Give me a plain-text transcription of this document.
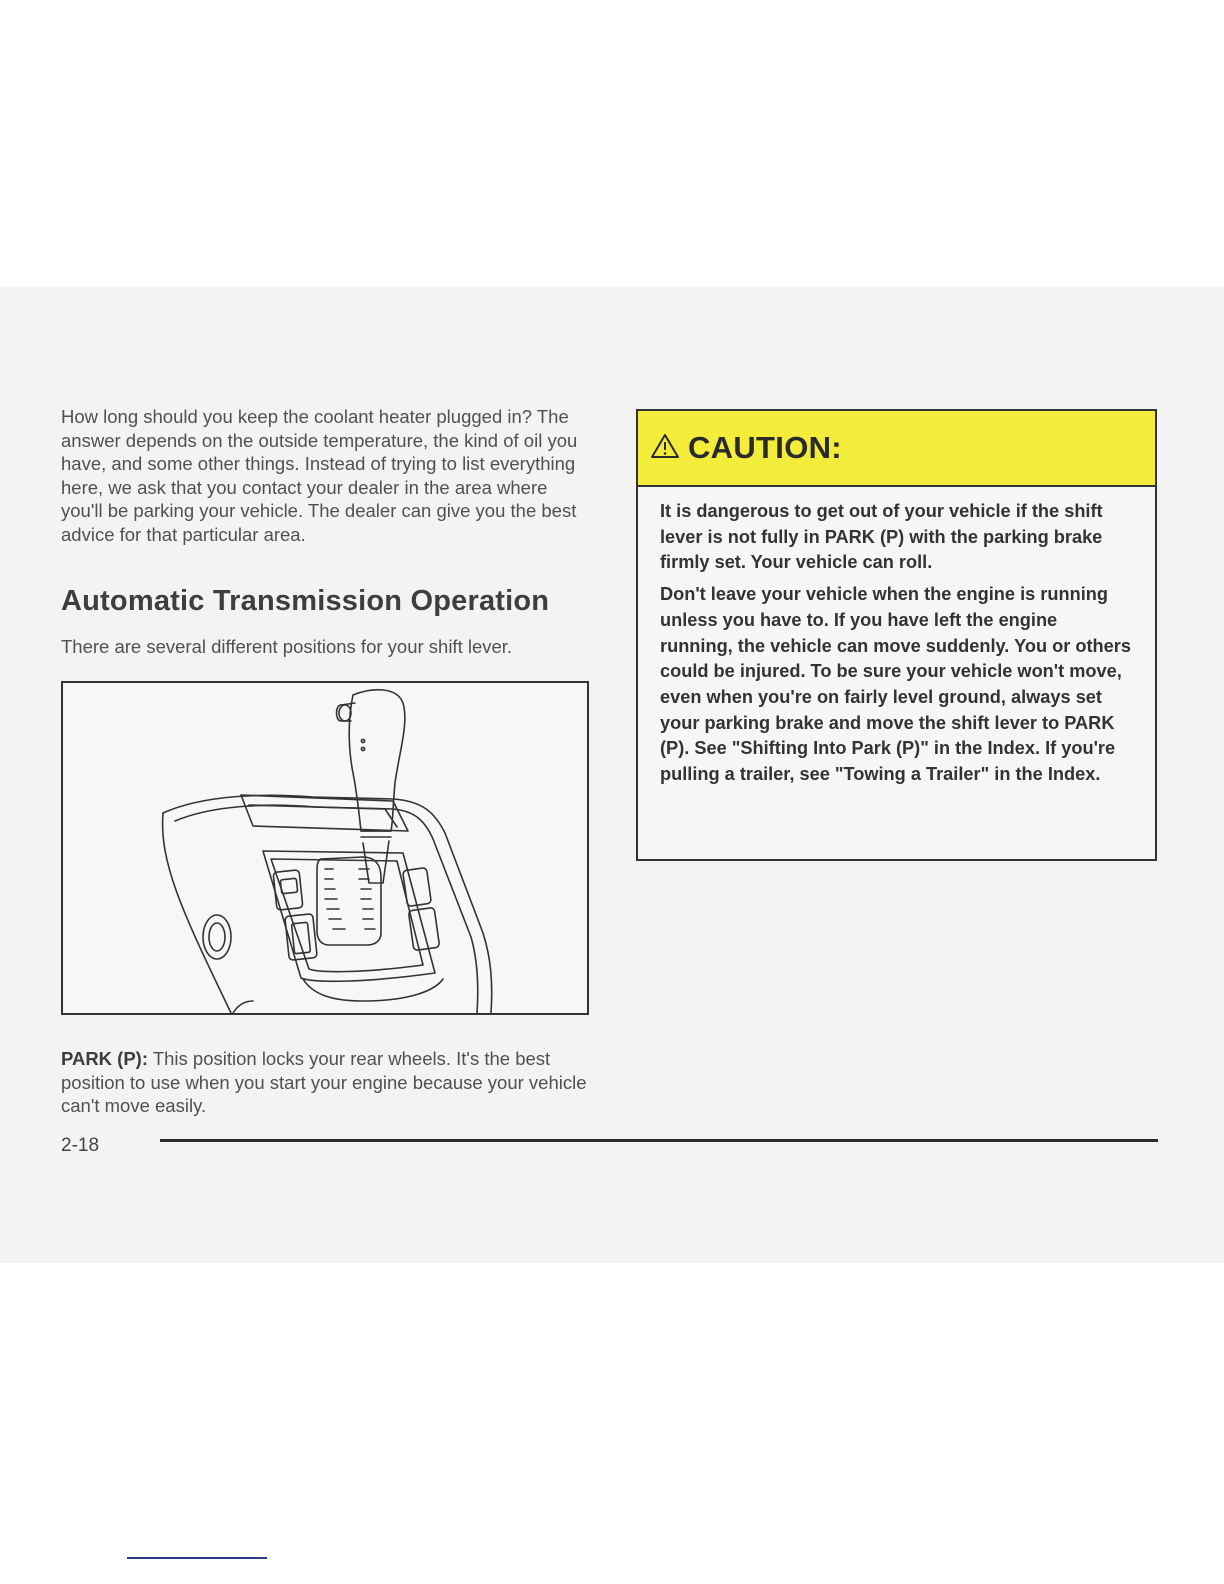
How long should you keep the coolant heater plugged in? The answer depends on the outside temperature, the kind of oil you have, and some other things. Instead of trying to list everything here, we ask that you contact your dealer in the area where you'll be parking your vehicle. The dealer can give you the best advice for that particular area.

Automatic Transmission Operation

There are several different positions for your shift lever.

PARK (P): This position locks your rear wheels. It's the best position to use when you start your engine because your vehicle can't move easily.

CAUTION:

It is dangerous to get out of your vehicle if the shift lever is not fully in PARK (P) with the parking brake firmly set. Your vehicle can roll.

Don't leave your vehicle when the engine is running unless you have to. If you have left the engine running, the vehicle can move suddenly. You or others could be injured. To be sure your vehicle won't move, even when you're on fairly level ground, always set your parking brake and move the shift lever to PARK (P). See "Shifting Into Park (P)" in the Index. If you're pulling a trailer, see "Towing a Trailer" in the Index.

2-18
